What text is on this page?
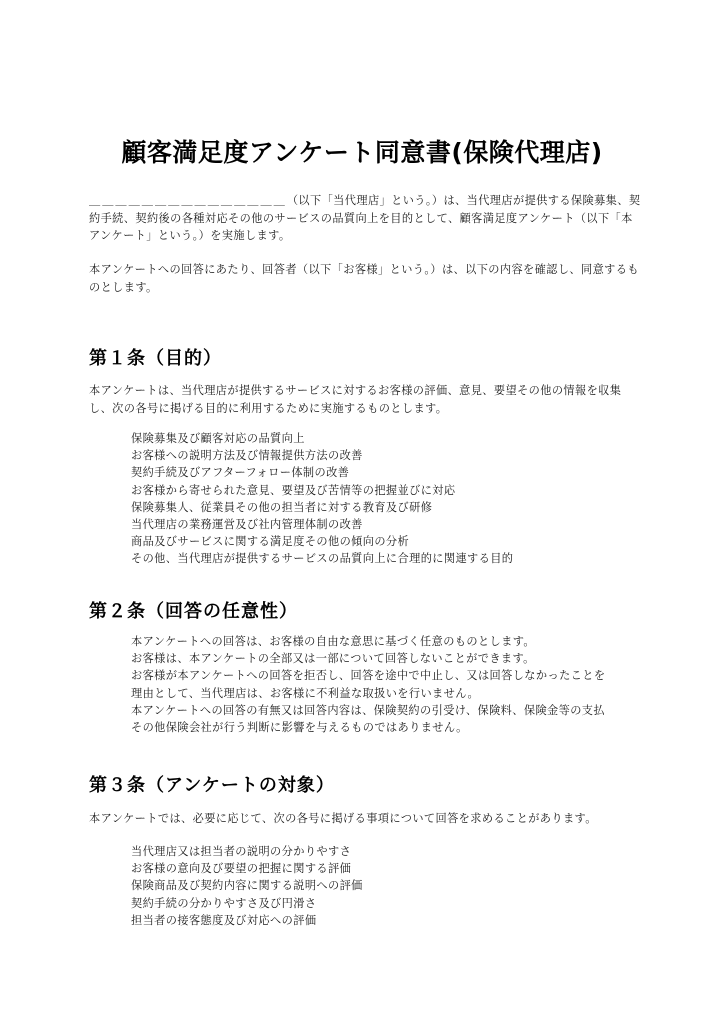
顧客満足度アンケート同意書(保険代理店)

＿＿＿＿＿＿＿＿＿＿＿＿＿＿＿（以下「当代理店」という。）は、当代理店が提供する保険募集、契約手続、契約後の各種対応その他のサービスの品質向上を目的として、顧客満足度アンケート（以下「本アンケート」という。）を実施します。

本アンケートへの回答にあたり、回答者（以下「お客様」という。）は、以下の内容を確認し、同意するものとします。

第１条（目的）

本アンケートは、当代理店が提供するサービスに対するお客様の評価、意見、要望その他の情報を収集し、次の各号に掲げる目的に利用するために実施するものとします。

保険募集及び顧客対応の品質向上
お客様への説明方法及び情報提供方法の改善
契約手続及びアフターフォロー体制の改善
お客様から寄せられた意見、要望及び苦情等の把握並びに対応
保険募集人、従業員その他の担当者に対する教育及び研修
当代理店の業務運営及び社内管理体制の改善
商品及びサービスに関する満足度その他の傾向の分析
その他、当代理店が提供するサービスの品質向上に合理的に関連する目的
第２条（回答の任意性）
本アンケートへの回答は、お客様の自由な意思に基づく任意のものとします。
お客様は、本アンケートの全部又は一部について回答しないことができます。
お客様が本アンケートへの回答を拒否し、回答を途中で中止し、又は回答しなかったことを
理由として、当代理店は、お客様に不利益な取扱いを行いません。
本アンケートへの回答の有無又は回答内容は、保険契約の引受け、保険料、保険金等の支払
その他保険会社が行う判断に影響を与えるものではありません。
第３条（アンケートの対象）

本アンケートでは、必要に応じて、次の各号に掲げる事項について回答を求めることがあります。

当代理店又は担当者の説明の分かりやすさ
お客様の意向及び要望の把握に関する評価
保険商品及び契約内容に関する説明への評価
契約手続の分かりやすさ及び円滑さ
担当者の接客態度及び対応への評価
